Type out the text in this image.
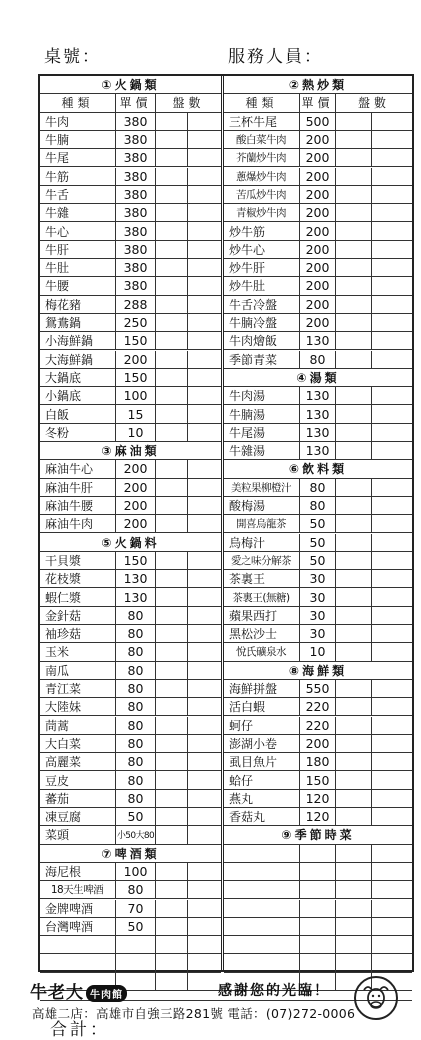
桌號：	服務人員：
①火鍋類
種類	單價	盤數
牛肉	380
牛腩	380
牛尾	380
牛筋	380
牛舌	380
牛雜	380
牛心	380
牛肝	380
牛肚	380
牛腰	380
梅花豬	288
鴛鴦鍋	250
小海鮮鍋	150
大海鮮鍋	200
大鍋底	150
小鍋底	100
白飯	15
冬粉	10
③麻油類
麻油牛心	200
麻油牛肝	200
麻油牛腰	200
麻油牛肉	200
⑤火鍋料
干貝漿	150
花枝漿	130
蝦仁漿	130
金針菇	80
袖珍菇	80
玉米	80
南瓜	80
青江菜	80
大陸妹	80
茼蒿	80
大白菜	80
高麗菜	80
豆皮	80
蕃茄	80
凍豆腐	50
菜頭	小50大80
⑦啤酒類
海尼根	100
18天生啤酒	80
金牌啤酒	70
台灣啤酒	50
②熱炒類
種類	單價	盤數
三杯牛尾	500
酸白菜牛肉	200
芥蘭炒牛肉	200
蔥爆炒牛肉	200
苦瓜炒牛肉	200
青椒炒牛肉	200
炒牛筋	200
炒牛心	200
炒牛肝	200
炒牛肚	200
牛舌冷盤	200
牛腩冷盤	200
牛肉燴飯	130
季節青菜	80
④湯類
牛肉湯	130
牛腩湯	130
牛尾湯	130
牛雜湯	130
⑥飲料類
美粒果柳橙汁	80
酸梅湯	80
開喜烏龍茶	50
烏梅汁	50
愛之味分解茶	50
茶裏王	30
茶裏王(無糖)	30
蘋果西打	30
黑松沙士	30
悅氏礦泉水	10
⑧海鮮類
海鮮拼盤	550
活白蝦	220
蚵仔	220
澎湖小卷	200
虱目魚片	180
蛤仔	150
燕丸	120
香菇丸	120
⑨季節時菜
合計：
牛老大 牛肉館	感謝您的光臨！
高雄二店：高雄市自強三路281號 電話：(07)272-0006
